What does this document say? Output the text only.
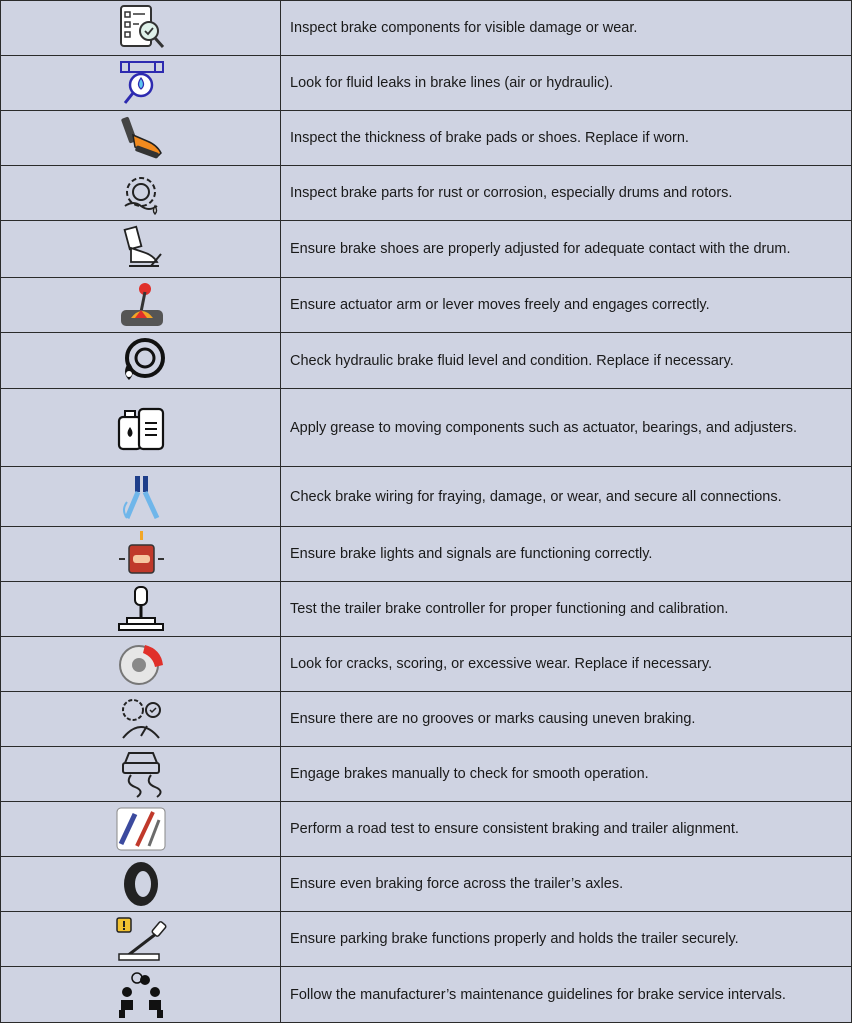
	Inspect brake components for visible damage or wear.

	Look for fluid leaks in brake lines (air or hydraulic).

	Inspect the thickness of brake pads or shoes. Replace if worn.

	Inspect brake parts for rust or corrosion, especially drums and rotors.

	Ensure brake shoes are properly adjusted for adequate contact with the drum.

	Ensure actuator arm or lever moves freely and engages correctly.

	Check hydraulic brake fluid level and condition. Replace if necessary.

	Apply grease to moving components such as actuator, bearings, and adjusters.

	Check brake wiring for fraying, damage, or wear, and secure all connections.

	Ensure brake lights and signals are functioning correctly.

	Test the trailer brake controller for proper functioning and calibration.

	Look for cracks, scoring, or excessive wear. Replace if necessary.

	Ensure there are no grooves or marks causing uneven braking.

	Engage brakes manually to check for smooth operation.

	Perform a road test to ensure consistent braking and trailer alignment.

	Ensure even braking force across the trailer’s axles.

	Ensure parking brake functions properly and holds the trailer securely.

	Follow the manufacturer’s maintenance guidelines for brake service intervals.
